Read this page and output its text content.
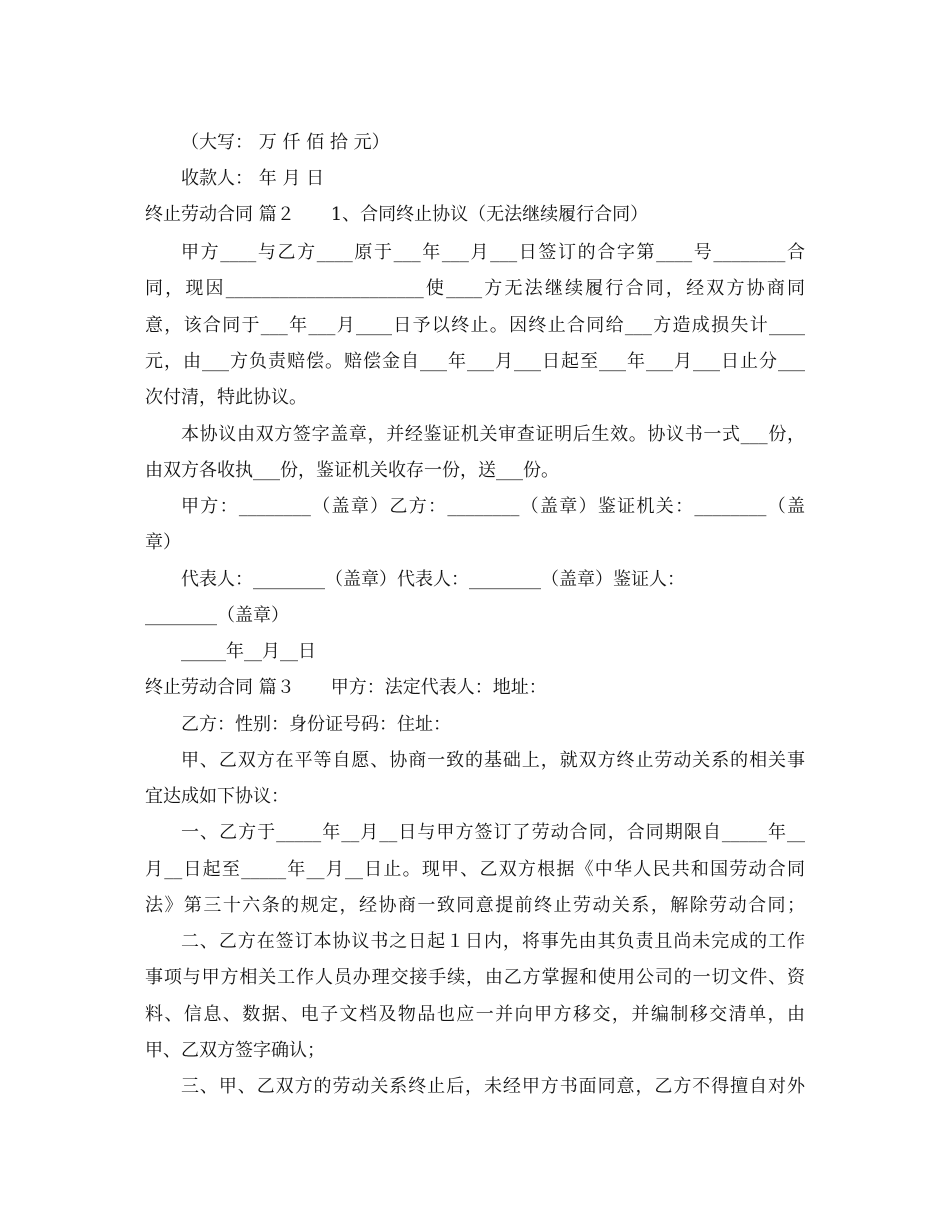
（大写： 万 仟 佰 拾 元）
收款人： 年 月 日
终止劳动合同 篇２　　1、合同终止协议（无法继续履行合同）
甲方____与乙方____原于___年___月___日签订的合字第____号________合
同，现因______________________使____方无法继续履行合同，经双方协商同
意，该合同于___年___月____日予以终止。因终止合同给___方造成损失计____
元，由___方负责赔偿。赔偿金自___年___月___日起至___年___月___日止分___
次付清，特此协议。
本协议由双方签字盖章，并经鉴证机关审查证明后生效。协议书一式___份，
由双方各收执___份，鉴证机关收存一份，送___份。
甲方：________（盖章）乙方：________（盖章）鉴证机关：________（盖
章）
代表人：________（盖章）代表人：________（盖章）鉴证人：
________（盖章）
_____年__月__日
终止劳动合同 篇３　　甲方：法定代表人：地址：
乙方：性别：身份证号码：住址：
甲、乙双方在平等自愿、协商一致的基础上，就双方终止劳动关系的相关事
宜达成如下协议：
一、乙方于_____年__月__日与甲方签订了劳动合同，合同期限自_____年__
月__日起至_____年__月__日止。现甲、乙双方根据《中华人民共和国劳动合同
法》第三十六条的规定，经协商一致同意提前终止劳动关系，解除劳动合同；
二、乙方在签订本协议书之日起１日内，将事先由其负责且尚未完成的工作
事项与甲方相关工作人员办理交接手续，由乙方掌握和使用公司的一切文件、资
料、信息、数据、电子文档及物品也应一并向甲方移交，并编制移交清单，由
甲、乙双方签字确认；
三、甲、乙双方的劳动关系终止后，未经甲方书面同意，乙方不得擅自对外
